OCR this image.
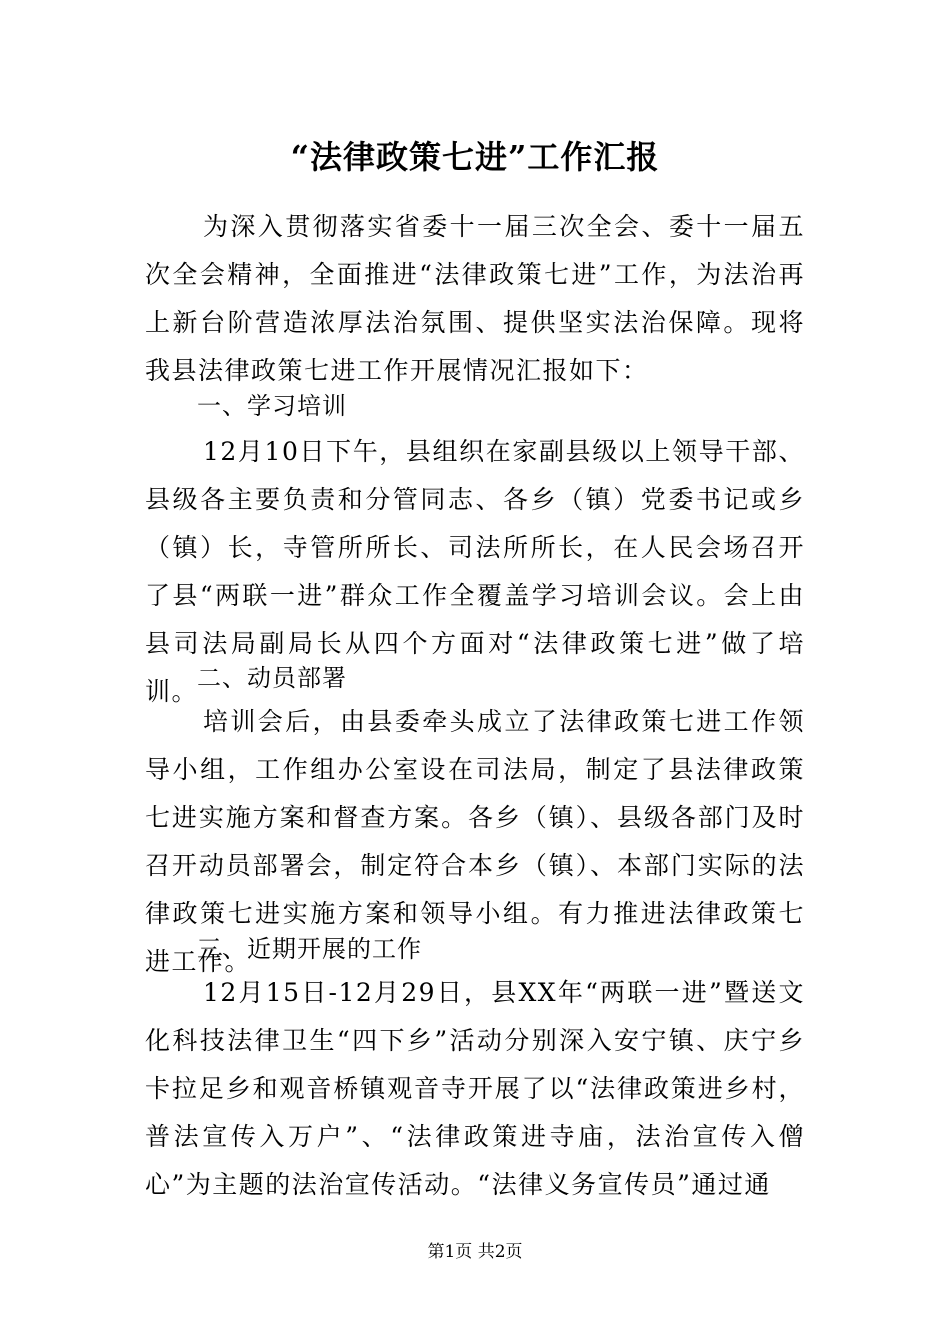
“法律政策七进”工作汇报

为深入贯彻落实省委十一届三次全会、委十一届五次全会精神，全面推进“法律政策七进”工作，为法治再上新台阶营造浓厚法治氛围、提供坚实法治保障。现将我县法律政策七进工作开展情况汇报如下：

一、学习培训

12月10日下午，县组织在家副县级以上领导干部、县级各主要负责和分管同志、各乡（镇）党委书记或乡（镇）长，寺管所所长、司法所所长，在人民会场召开了县“两联一进”群众工作全覆盖学习培训会议。会上由县司法局副局长从四个方面对“法律政策七进”做了培训。

二、动员部署

培训会后，由县委牵头成立了法律政策七进工作领导小组，工作组办公室设在司法局，制定了县法律政策七进实施方案和督查方案。各乡（镇）、县级各部门及时召开动员部署会，制定符合本乡（镇）、本部门实际的法律政策七进实施方案和领导小组。有力推进法律政策七进工作。

三、近期开展的工作

12月15日-12月29日，县XX年“两联一进”暨送文化科技法律卫生“四下乡”活动分别深入安宁镇、庆宁乡卡拉足乡和观音桥镇观音寺开展了以“法律政策进乡村，普法宣传入万户”、“法律政策进寺庙，法治宣传入僧心”为主题的法治宣传活动。“法律义务宣传员”通过通

第1页 共2页
